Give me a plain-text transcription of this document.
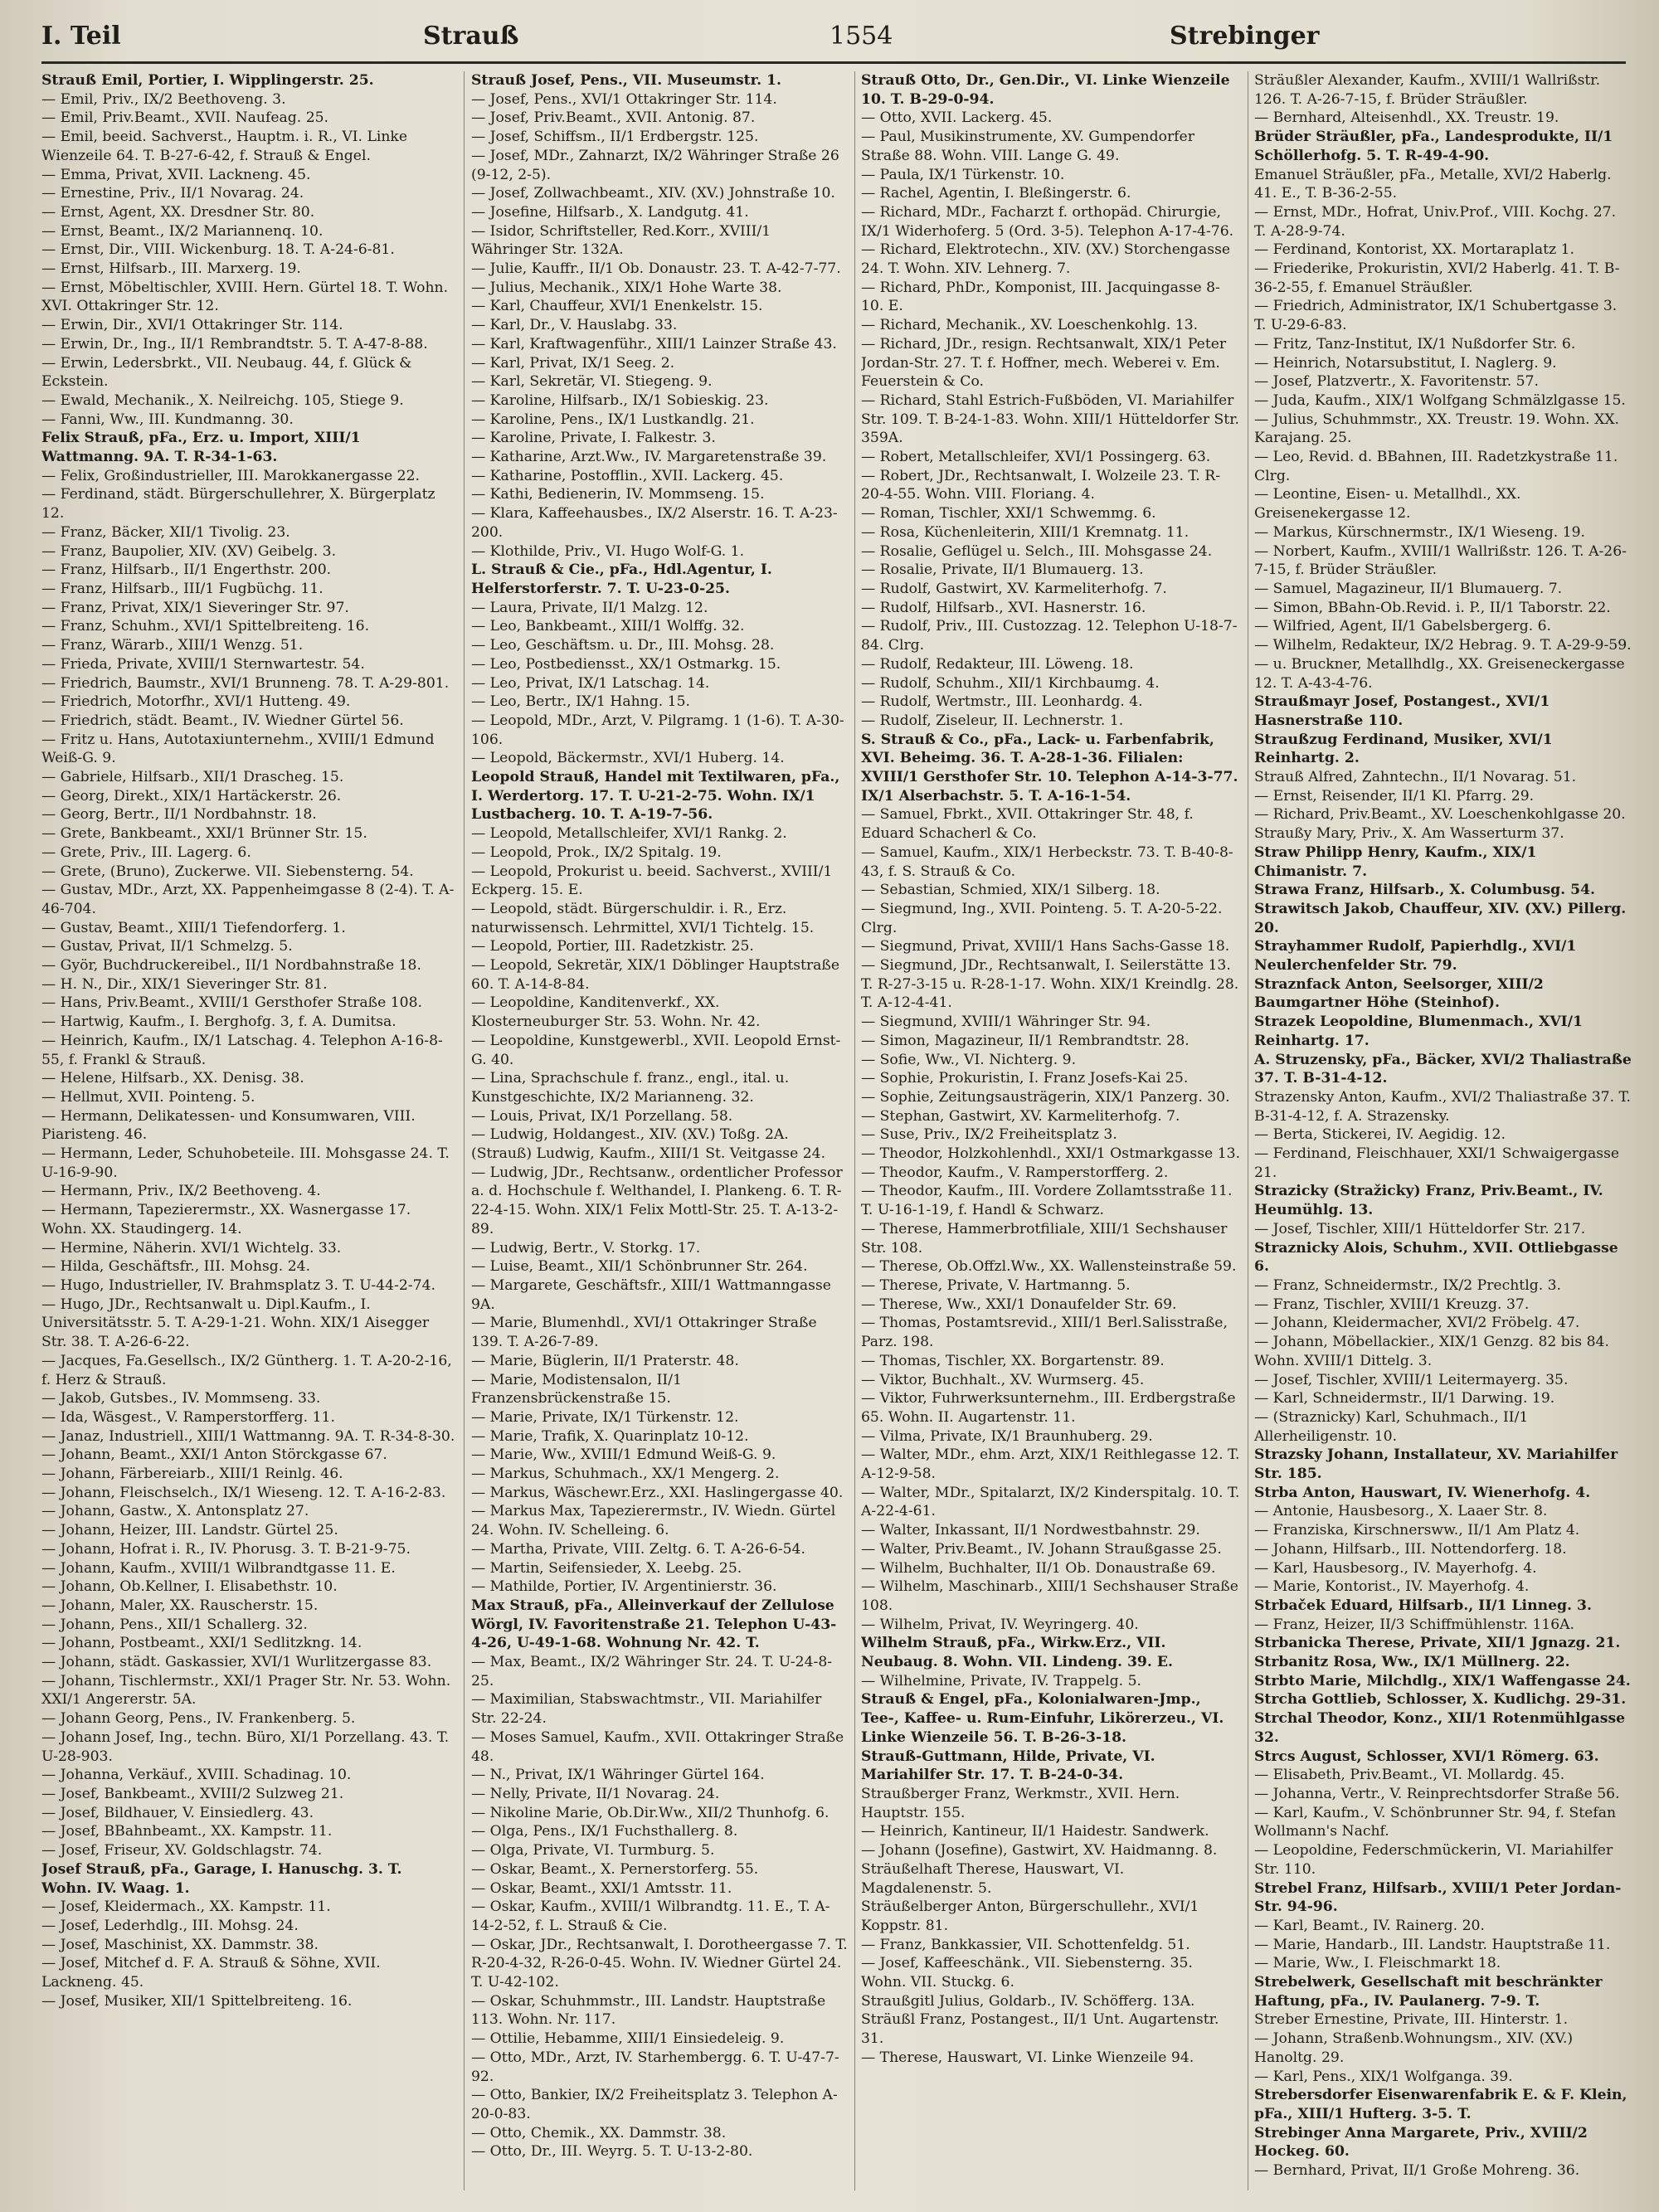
I. Teil	Strauß	1554	Strebinger
Strauß Emil, Portier, I. Wipplingerstr. 25.
— Emil, Priv., IX/2 Beethoveng. 3.
— Emil, Priv.Beamt., XVII. Naufeag. 25.
— Emil, beeid. Sachverst., Hauptm. i. R., VI. Linke Wienzeile 64. T. B-27-6-42, f. Strauß & Engel.
— Emma, Privat, XVII. Lackneng. 45.
— Ernestine, Priv., II/1 Novarag. 24.
— Ernst, Agent, XX. Dresdner Str. 80.
— Ernst, Beamt., IX/2 Mariannenq. 10.
— Ernst, Dir., VIII. Wickenburg. 18. T. A-24-6-81.
— Ernst, Hilfsarb., III. Marxerg. 19.
— Ernst, Möbeltischler, XVIII. Hern. Gürtel 18. T. Wohn. XVI. Ottakringer Str. 12.
— Erwin, Dir., XVI/1 Ottakringer Str. 114.
— Erwin, Dr., Ing., II/1 Rembrandtstr. 5. T. A-47-8-88.
— Erwin, Ledersbrkt., VII. Neubaug. 44, f. Glück & Eckstein.
— Ewald, Mechanik., X. Neilreichg. 105, Stiege 9.
— Fanni, Ww., III. Kundmanng. 30.
Felix Strauß, pFa., Erz. u. Import, XIII/1 Wattmanng. 9A. T. R-34-1-63.
— Felix, Großindustrieller, III. Marokkanergasse 22.
— Ferdinand, städt. Bürgerschullehrer, X. Bürgerplatz 12.
— Franz, Bäcker, XII/1 Tivolig. 23.
— Franz, Baupolier, XIV. (XV) Geibelg. 3.
— Franz, Hilfsarb., II/1 Engerthstr. 200.
— Franz, Hilfsarb., III/1 Fugbüchg. 11.
— Franz, Privat, XIX/1 Sieveringer Str. 97.
— Franz, Schuhm., XVI/1 Spittelbreiteng. 16.
— Franz, Wärarb., XIII/1 Wenzg. 51.
— Frieda, Private, XVIII/1 Sternwartestr. 54.
— Friedrich, Baumstr., XVI/1 Brunneng. 78. T. A-29-801.
— Friedrich, Motorfhr., XVI/1 Hutteng. 49.
— Friedrich, städt. Beamt., IV. Wiedner Gürtel 56.
— Fritz u. Hans, Autotaxiunternehm., XVIII/1 Edmund Weiß-G. 9.
— Gabriele, Hilfsarb., XII/1 Drascheg. 15.
— Georg, Direkt., XIX/1 Hartäckerstr. 26.
— Georg, Bertr., II/1 Nordbahnstr. 18.
— Grete, Bankbeamt., XXI/1 Brünner Str. 15.
— Grete, Priv., III. Lagerg. 6.
— Grete, (Bruno), Zuckerwe. VII. Siebensterng. 54.
— Gustav, MDr., Arzt, XX. Pappenheimgasse 8 (2-4). T. A-46-704.
— Gustav, Beamt., XIII/1 Tiefendorferg. 1.
— Gustav, Privat, II/1 Schmelzg. 5.
— Györ, Buchdruckereibel., II/1 Nordbahnstraße 18.
— H. N., Dir., XIX/1 Sieveringer Str. 81.
— Hans, Priv.Beamt., XVIII/1 Gersthofer Straße 108.
— Hartwig, Kaufm., I. Berghofg. 3, f. A. Dumitsa.
— Heinrich, Kaufm., IX/1 Latschag. 4. Telephon A-16-8-55, f. Frankl & Strauß.
— Helene, Hilfsarb., XX. Denisg. 38.
— Hellmut, XVII. Pointeng. 5.
— Hermann, Delikatessen- und Konsumwaren, VIII. Piaristeng. 46.
— Hermann, Leder, Schuhobeteile. III. Mohsgasse 24. T. U-16-9-90.
— Hermann, Priv., IX/2 Beethoveng. 4.
— Hermann, Tapezierermstr., XX. Wasnergasse 17. Wohn. XX. Staudingerg. 14.
— Hermine, Näherin. XVI/1 Wichtelg. 33.
— Hilda, Geschäftsfr., III. Mohsg. 24.
— Hugo, Industrieller, IV. Brahmsplatz 3. T. U-44-2-74.
— Hugo, JDr., Rechtsanwalt u. Dipl.Kaufm., I. Universitätsstr. 5. T. A-29-1-21. Wohn. XIX/1 Aisegger Str. 38. T. A-26-6-22.
— Jacques, Fa.Gesellsch., IX/2 Güntherg. 1. T. A-20-2-16, f. Herz & Strauß.
— Jakob, Gutsbes., IV. Mommseng. 33.
— Ida, Wäsgest., V. Ramperstorfferg. 11.
— Janaz, Industriell., XIII/1 Wattmanng. 9A. T. R-34-8-30.
— Johann, Beamt., XXI/1 Anton Störckgasse 67.
— Johann, Färbereiarb., XIII/1 Reinlg. 46.
— Johann, Fleischselch., IX/1 Wieseng. 12. T. A-16-2-83.
— Johann, Gastw., X. Antonsplatz 27.
— Johann, Heizer, III. Landstr. Gürtel 25.
— Johann, Hofrat i. R., IV. Phorusg. 3. T. B-21-9-75.
— Johann, Kaufm., XVIII/1 Wilbrandtgasse 11. E.
— Johann, Ob.Kellner, I. Elisabethstr. 10.
— Johann, Maler, XX. Rauscherstr. 15.
— Johann, Pens., XII/1 Schallerg. 32.
— Johann, Postbeamt., XXI/1 Sedlitzkng. 14.
— Johann, städt. Gaskassier, XVI/1 Wurlitzergasse 83.
— Johann, Tischlermstr., XXI/1 Prager Str. Nr. 53. Wohn. XXI/1 Angererstr. 5A.
— Johann Georg, Pens., IV. Frankenberg. 5.
— Johann Josef, Ing., techn. Büro, XI/1 Porzellang. 43. T. U-28-903.
— Johanna, Verkäuf., XVIII. Schadinag. 10.
— Josef, Bankbeamt., XVIII/2 Sulzweg 21.
— Josef, Bildhauer, V. Einsiedlerg. 43.
— Josef, BBahnbeamt., XX. Kampstr. 11.
— Josef, Friseur, XV. Goldschlagstr. 74.
Josef Strauß, pFa., Garage, I. Hanuschg. 3. T. Wohn. IV. Waag. 1.
— Josef, Kleidermach., XX. Kampstr. 11.
— Josef, Lederhdlg., III. Mohsg. 24.
— Josef, Maschinist, XX. Dammstr. 38.
— Josef, Mitchef d. F. A. Strauß & Söhne, XVII. Lackneng. 45.
— Josef, Musiker, XII/1 Spittelbreiteng. 16.
Strauß Josef, Pens., VII. Museumstr. 1.
— Josef, Pens., XVI/1 Ottakringer Str. 114.
— Josef, Priv.Beamt., XVII. Antonig. 87.
— Josef, Schiffsm., II/1 Erdbergstr. 125.
— Josef, MDr., Zahnarzt, IX/2 Währinger Straße 26 (9-12, 2-5).
— Josef, Zollwachbeamt., XIV. (XV.) Johnstraße 10.
— Josefine, Hilfsarb., X. Landgutg. 41.
— Isidor, Schriftsteller, Red.Korr., XVIII/1 Währinger Str. 132A.
— Julie, Kauffr., II/1 Ob. Donaustr. 23. T. A-42-7-77.
— Julius, Mechanik., XIX/1 Hohe Warte 38.
— Karl, Chauffeur, XVI/1 Enenkelstr. 15.
— Karl, Dr., V. Hauslabg. 33.
— Karl, Kraftwagenführ., XIII/1 Lainzer Straße 43.
— Karl, Privat, IX/1 Seeg. 2.
— Karl, Sekretär, VI. Stiegeng. 9.
— Karoline, Hilfsarb., IX/1 Sobieskig. 23.
— Karoline, Pens., IX/1 Lustkandlg. 21.
— Karoline, Private, I. Falkestr. 3.
— Katharine, Arzt.Ww., IV. Margaretenstraße 39.
— Katharine, Postofflin., XVII. Lackerg. 45.
— Kathi, Bedienerin, IV. Mommseng. 15.
— Klara, Kaffeehausbes., IX/2 Alserstr. 16. T. A-23-200.
— Klothilde, Priv., VI. Hugo Wolf-G. 1.
L. Strauß & Cie., pFa., Hdl.Agentur, I. Helferstorferstr. 7. T. U-23-0-25.
— Laura, Private, II/1 Malzg. 12.
— Leo, Bankbeamt., XIII/1 Wolffg. 32.
— Leo, Geschäftsm. u. Dr., III. Mohsg. 28.
— Leo, Postbediensst., XX/1 Ostmarkg. 15.
— Leo, Privat, IX/1 Latschag. 14.
— Leo, Bertr., IX/1 Hahng. 15.
— Leopold, MDr., Arzt, V. Pilgramg. 1 (1-6). T. A-30-106.
— Leopold, Bäckermstr., XVI/1 Huberg. 14.
Leopold Strauß, Handel mit Textilwaren, pFa., I. Werdertorg. 17. T. U-21-2-75. Wohn. IX/1 Lustbacherg. 10. T. A-19-7-56.
— Leopold, Metallschleifer, XVI/1 Rankg. 2.
— Leopold, Prok., IX/2 Spitalg. 19.
— Leopold, Prokurist u. beeid. Sachverst., XVIII/1 Eckperg. 15. E.
— Leopold, städt. Bürgerschuldir. i. R., Erz. naturwissensch. Lehrmittel, XVI/1 Tichtelg. 15.
— Leopold, Portier, III. Radetzkistr. 25.
— Leopold, Sekretär, XIX/1 Döblinger Hauptstraße 60. T. A-14-8-84.
— Leopoldine, Kanditenverkf., XX. Klosterneuburger Str. 53. Wohn. Nr. 42.
— Leopoldine, Kunstgewerbl., XVII. Leopold Ernst-G. 40.
— Lina, Sprachschule f. franz., engl., ital. u. Kunstgeschichte, IX/2 Marianneng. 32.
— Louis, Privat, IX/1 Porzellang. 58.
— Ludwig, Holdangest., XIV. (XV.) Toßg. 2A.
(Strauß) Ludwig, Kaufm., XIII/1 St. Veitgasse 24.
— Ludwig, JDr., Rechtsanw., ordentlicher Professor a. d. Hochschule f. Welthandel, I. Plankeng. 6. T. R-22-4-15. Wohn. XIX/1 Felix Mottl-Str. 25. T. A-13-2-89.
— Ludwig, Bertr., V. Storkg. 17.
— Luise, Beamt., XII/1 Schönbrunner Str. 264.
— Margarete, Geschäftsfr., XIII/1 Wattmanngasse 9A.
— Marie, Blumenhdl., XVI/1 Ottakringer Straße 139. T. A-26-7-89.
— Marie, Büglerin, II/1 Praterstr. 48.
— Marie, Modistensalon, II/1 Franzensbrückenstraße 15.
— Marie, Private, IX/1 Türkenstr. 12.
— Marie, Trafik, X. Quarinplatz 10-12.
— Marie, Ww., XVIII/1 Edmund Weiß-G. 9.
— Markus, Schuhmach., XX/1 Mengerg. 2.
— Markus, Wäschewr.Erz., XXI. Haslingergasse 40.
— Markus Max, Tapezierermstr., IV. Wiedn. Gürtel 24. Wohn. IV. Schelleing. 6.
— Martha, Private, VIII. Zeltg. 6. T. A-26-6-54.
— Martin, Seifensieder, X. Leebg. 25.
— Mathilde, Portier, IV. Argentinierstr. 36.
Max Strauß, pFa., Alleinverkauf der Zellulose Wörgl, IV. Favoritenstraße 21. Telephon U-43-4-26, U-49-1-68. Wohnung Nr. 42. T.
— Max, Beamt., IX/2 Währinger Str. 24. T. U-24-8-25.
— Maximilian, Stabswachtmstr., VII. Mariahilfer Str. 22-24.
— Moses Samuel, Kaufm., XVII. Ottakringer Straße 48.
— N., Privat, IX/1 Währinger Gürtel 164.
— Nelly, Private, II/1 Novarag. 24.
— Nikoline Marie, Ob.Dir.Ww., XII/2 Thunhofg. 6.
— Olga, Pens., IX/1 Fuchsthallerg. 8.
— Olga, Private, VI. Turmburg. 5.
— Oskar, Beamt., X. Pernerstorferg. 55.
— Oskar, Beamt., XXI/1 Amtsstr. 11.
— Oskar, Kaufm., XVIII/1 Wilbrandtg. 11. E., T. A-14-2-52, f. L. Strauß & Cie.
— Oskar, JDr., Rechtsanwalt, I. Dorotheergasse 7. T. R-20-4-32, R-26-0-45. Wohn. IV. Wiedner Gürtel 24. T. U-42-102.
— Oskar, Schuhmmstr., III. Landstr. Hauptstraße 113. Wohn. Nr. 117.
— Ottilie, Hebamme, XIII/1 Einsiedeleig. 9.
— Otto, MDr., Arzt, IV. Starhembergg. 6. T. U-47-7-92.
— Otto, Bankier, IX/2 Freiheitsplatz 3. Telephon A-20-0-83.
— Otto, Chemik., XX. Dammstr. 38.
— Otto, Dr., III. Weyrg. 5. T. U-13-2-80.
Strauß Otto, Dr., Gen.Dir., VI. Linke Wienzeile 10. T. B-29-0-94.
— Otto, XVII. Lackerg. 45.
— Paul, Musikinstrumente, XV. Gumpendorfer Straße 88. Wohn. VIII. Lange G. 49.
— Paula, IX/1 Türkenstr. 10.
— Rachel, Agentin, I. Bleßingerstr. 6.
— Richard, MDr., Facharzt f. orthopäd. Chirurgie, IX/1 Widerhoferg. 5 (Ord. 3-5). Telephon A-17-4-76.
— Richard, Elektrotechn., XIV. (XV.) Storchengasse 24. T. Wohn. XIV. Lehnerg. 7.
— Richard, PhDr., Komponist, III. Jacquingasse 8-10. E.
— Richard, Mechanik., XV. Loeschenkohlg. 13.
— Richard, JDr., resign. Rechtsanwalt, XIX/1 Peter Jordan-Str. 27. T. f. Hoffner, mech. Weberei v. Em. Feuerstein & Co.
— Richard, Stahl Estrich-Fußböden, VI. Mariahilfer Str. 109. T. B-24-1-83. Wohn. XIII/1 Hütteldorfer Str. 359A.
— Robert, Metallschleifer, XVI/1 Possingerg. 63.
— Robert, JDr., Rechtsanwalt, I. Wolzeile 23. T. R-20-4-55. Wohn. VIII. Floriang. 4.
— Roman, Tischler, XXI/1 Schwemmg. 6.
— Rosa, Küchenleiterin, XIII/1 Kremnatg. 11.
— Rosalie, Geflügel u. Selch., III. Mohsgasse 24.
— Rosalie, Private, II/1 Blumauerg. 13.
— Rudolf, Gastwirt, XV. Karmeliterhofg. 7.
— Rudolf, Hilfsarb., XVI. Hasnerstr. 16.
— Rudolf, Priv., III. Custozzag. 12. Telephon U-18-7-84. Clrg.
— Rudolf, Redakteur, III. Löweng. 18.
— Rudolf, Schuhm., XII/1 Kirchbaumg. 4.
— Rudolf, Wertmstr., III. Leonhardg. 4.
— Rudolf, Ziseleur, II. Lechnerstr. 1.
S. Strauß & Co., pFa., Lack- u. Farbenfabrik, XVI. Beheimg. 36. T. A-28-1-36. Filialen: XVIII/1 Gersthofer Str. 10. Telephon A-14-3-77. IX/1 Alserbachstr. 5. T. A-16-1-54.
— Samuel, Fbrkt., XVII. Ottakringer Str. 48, f. Eduard Schacherl & Co.
— Samuel, Kaufm., XIX/1 Herbeckstr. 73. T. B-40-8-43, f. S. Strauß & Co.
— Sebastian, Schmied, XIX/1 Silberg. 18.
— Siegmund, Ing., XVII. Pointeng. 5. T. A-20-5-22. Clrg.
— Siegmund, Privat, XVIII/1 Hans Sachs-Gasse 18.
— Siegmund, JDr., Rechtsanwalt, I. Seilerstätte 13. T. R-27-3-15 u. R-28-1-17. Wohn. XIX/1 Kreindlg. 28. T. A-12-4-41.
— Siegmund, XVIII/1 Währinger Str. 94.
— Simon, Magazineur, II/1 Rembrandtstr. 28.
— Sofie, Ww., VI. Nichterg. 9.
— Sophie, Prokuristin, I. Franz Josefs-Kai 25.
— Sophie, Zeitungsausträgerin, XIX/1 Panzerg. 30.
— Stephan, Gastwirt, XV. Karmeliterhofg. 7.
— Suse, Priv., IX/2 Freiheitsplatz 3.
— Theodor, Holzkohlenhdl., XXI/1 Ostmarkgasse 13.
— Theodor, Kaufm., V. Ramperstorfferg. 2.
— Theodor, Kaufm., III. Vordere Zollamtsstraße 11. T. U-16-1-19, f. Handl & Schwarz.
— Therese, Hammerbrotfiliale, XIII/1 Sechshauser Str. 108.
— Therese, Ob.Offzl.Ww., XX. Wallensteinstraße 59.
— Therese, Private, V. Hartmanng. 5.
— Therese, Ww., XXI/1 Donaufelder Str. 69.
— Thomas, Postamtsrevid., XIII/1 Berl.Salisstraße, Parz. 198.
— Thomas, Tischler, XX. Borgartenstr. 89.
— Viktor, Buchhalt., XV. Wurmserg. 45.
— Viktor, Fuhrwerksunternehm., III. Erdbergstraße 65. Wohn. II. Augartenstr. 11.
— Vilma, Private, IX/1 Braunhuberg. 29.
— Walter, MDr., ehm. Arzt, XIX/1 Reithlegasse 12. T. A-12-9-58.
— Walter, MDr., Spitalarzt, IX/2 Kinderspitalg. 10. T. A-22-4-61.
— Walter, Inkassant, II/1 Nordwestbahnstr. 29.
— Walter, Priv.Beamt., IV. Johann Straußgasse 25.
— Wilhelm, Buchhalter, II/1 Ob. Donaustraße 69.
— Wilhelm, Maschinarb., XIII/1 Sechshauser Straße 108.
— Wilhelm, Privat, IV. Weyringerg. 40.
Wilhelm Strauß, pFa., Wirkw.Erz., VII. Neubaug. 8. Wohn. VII. Lindeng. 39. E.
— Wilhelmine, Private, IV. Trappelg. 5.
Strauß & Engel, pFa., Kolonialwaren-Jmp., Tee-, Kaffee- u. Rum-Einfuhr, Likörerzeu., VI. Linke Wienzeile 56. T. B-26-3-18.
Strauß-Guttmann, Hilde, Private, VI. Mariahilfer Str. 17. T. B-24-0-34.
Straußberger Franz, Werkmstr., XVII. Hern. Hauptstr. 155.
— Heinrich, Kantineur, II/1 Haidestr. Sandwerk.
— Johann (Josefine), Gastwirt, XV. Haidmanng. 8.
Sträußelhaft Therese, Hauswart, VI. Magdalenenstr. 5.
Sträußelberger Anton, Bürgerschullehr., XVI/1 Koppstr. 81.
— Franz, Bankkassier, VII. Schottenfeldg. 51.
— Josef, Kaffeeschänk., VII. Siebensterng. 35. Wohn. VII. Stuckg. 6.
Straußgitl Julius, Goldarb., IV. Schöfferg. 13A.
Sträußl Franz, Postangest., II/1 Unt. Augartenstr. 31.
— Therese, Hauswart, VI. Linke Wienzeile 94.
Sträußler Alexander, Kaufm., XVIII/1 Wallrißstr. 126. T. A-26-7-15, f. Brüder Sträußler.
— Bernhard, Alteisenhdl., XX. Treustr. 19.
Brüder Sträußler, pFa., Landesprodukte, II/1 Schöllerhofg. 5. T. R-49-4-90.
Emanuel Sträußler, pFa., Metalle, XVI/2 Haberlg. 41. E., T. B-36-2-55.
— Ernst, MDr., Hofrat, Univ.Prof., VIII. Kochg. 27. T. A-28-9-74.
— Ferdinand, Kontorist, XX. Mortaraplatz 1.
— Friederike, Prokuristin, XVI/2 Haberlg. 41. T. B-36-2-55, f. Emanuel Sträußler.
— Friedrich, Administrator, IX/1 Schubertgasse 3. T. U-29-6-83.
— Fritz, Tanz-Institut, IX/1 Nußdorfer Str. 6.
— Heinrich, Notarsubstitut, I. Naglerg. 9.
— Josef, Platzvertr., X. Favoritenstr. 57.
— Juda, Kaufm., XIX/1 Wolfgang Schmälzlgasse 15.
— Julius, Schuhmmstr., XX. Treustr. 19. Wohn. XX. Karajang. 25.
— Leo, Revid. d. BBahnen, III. Radetzkystraße 11. Clrg.
— Leontine, Eisen- u. Metallhdl., XX. Greisenekergasse 12.
— Markus, Kürschnermstr., IX/1 Wieseng. 19.
— Norbert, Kaufm., XVIII/1 Wallrißstr. 126. T. A-26-7-15, f. Brüder Sträußler.
— Samuel, Magazineur, II/1 Blumauerg. 7.
— Simon, BBahn-Ob.Revid. i. P., II/1 Taborstr. 22.
— Wilfried, Agent, II/1 Gabelsbergerg. 6.
— Wilhelm, Redakteur, IX/2 Hebrag. 9. T. A-29-9-59.
— u. Bruckner, Metallhdlg., XX. Greiseneckergasse 12. T. A-43-4-76.
Straußmayr Josef, Postangest., XVI/1 Hasnerstraße 110.
Straußzug Ferdinand, Musiker, XVI/1 Reinhartg. 2.
Strauß Alfred, Zahntechn., II/1 Novarag. 51.
— Ernst, Reisender, II/1 Kl. Pfarrg. 29.
— Richard, Priv.Beamt., XV. Loeschenkohlgasse 20.
Straußy Mary, Priv., X. Am Wasserturm 37.
Straw Philipp Henry, Kaufm., XIX/1 Chimanistr. 7.
Strawa Franz, Hilfsarb., X. Columbusg. 54.
Strawitsch Jakob, Chauffeur, XIV. (XV.) Pillerg. 20.
Strayhammer Rudolf, Papierhdlg., XVI/1 Neulerchenfelder Str. 79.
Straznfack Anton, Seelsorger, XIII/2 Baumgartner Höhe (Steinhof).
Strazek Leopoldine, Blumenmach., XVI/1 Reinhartg. 17.
A. Struzensky, pFa., Bäcker, XVI/2 Thaliastraße 37. T. B-31-4-12.
Strazensky Anton, Kaufm., XVI/2 Thaliastraße 37. T. B-31-4-12, f. A. Strazensky.
— Berta, Stickerei, IV. Aegidig. 12.
— Ferdinand, Fleischhauer, XXI/1 Schwaigergasse 21.
Strazicky (Stražicky) Franz, Priv.Beamt., IV. Heumühlg. 13.
— Josef, Tischler, XIII/1 Hütteldorfer Str. 217.
Straznicky Alois, Schuhm., XVII. Ottliebgasse 6.
— Franz, Schneidermstr., IX/2 Prechtlg. 3.
— Franz, Tischler, XVIII/1 Kreuzg. 37.
— Johann, Kleidermacher, XVI/2 Fröbelg. 47.
— Johann, Möbellackier., XIX/1 Genzg. 82 bis 84. Wohn. XVIII/1 Dittelg. 3.
— Josef, Tischler, XVIII/1 Leitermayerg. 35.
— Karl, Schneidermstr., II/1 Darwing. 19.
— (Straznicky) Karl, Schuhmach., II/1 Allerheiligenstr. 10.
Strazsky Johann, Installateur, XV. Mariahilfer Str. 185.
Strba Anton, Hauswart, IV. Wienerhofg. 4.
— Antonie, Hausbesorg., X. Laaer Str. 8.
— Franziska, Kirschnersww., II/1 Am Platz 4.
— Johann, Hilfsarb., III. Nottendorferg. 18.
— Karl, Hausbesorg., IV. Mayerhofg. 4.
— Marie, Kontorist., IV. Mayerhofg. 4.
Strbaček Eduard, Hilfsarb., II/1 Linneg. 3.
— Franz, Heizer, II/3 Schiffmühlenstr. 116A.
Strbanicka Therese, Private, XII/1 Jgnazg. 21.
Strbanitz Rosa, Ww., IX/1 Müllnerg. 22.
Strbto Marie, Milchdlg., XIX/1 Waffengasse 24.
Strcha Gottlieb, Schlosser, X. Kudlichg. 29-31.
Strchal Theodor, Konz., XII/1 Rotenmühlgasse 32.
Strcs August, Schlosser, XVI/1 Römerg. 63.
— Elisabeth, Priv.Beamt., VI. Mollardg. 45.
— Johanna, Vertr., V. Reinprechtsdorfer Straße 56.
— Karl, Kaufm., V. Schönbrunner Str. 94, f. Stefan Wollmann's Nachf.
— Leopoldine, Federschmückerin, VI. Mariahilfer Str. 110.
Strebel Franz, Hilfsarb., XVIII/1 Peter Jordan-Str. 94-96.
— Karl, Beamt., IV. Rainerg. 20.
— Marie, Handarb., III. Landstr. Hauptstraße 11.
— Marie, Ww., I. Fleischmarkt 18.
Strebelwerk, Gesellschaft mit beschränkter Haftung, pFa., IV. Paulanerg. 7-9. T.
Streber Ernestine, Private, III. Hinterstr. 1.
— Johann, Straßenb.Wohnungsm., XIV. (XV.) Hanoltg. 29.
— Karl, Pens., XIX/1 Wolfganga. 39.
Strebersdorfer Eisenwarenfabrik E. & F. Klein, pFa., XIII/1 Hufterg. 3-5. T.
Strebinger Anna Margarete, Priv., XVIII/2 Hockeg. 60.
— Bernhard, Privat, II/1 Große Mohreng. 36.
